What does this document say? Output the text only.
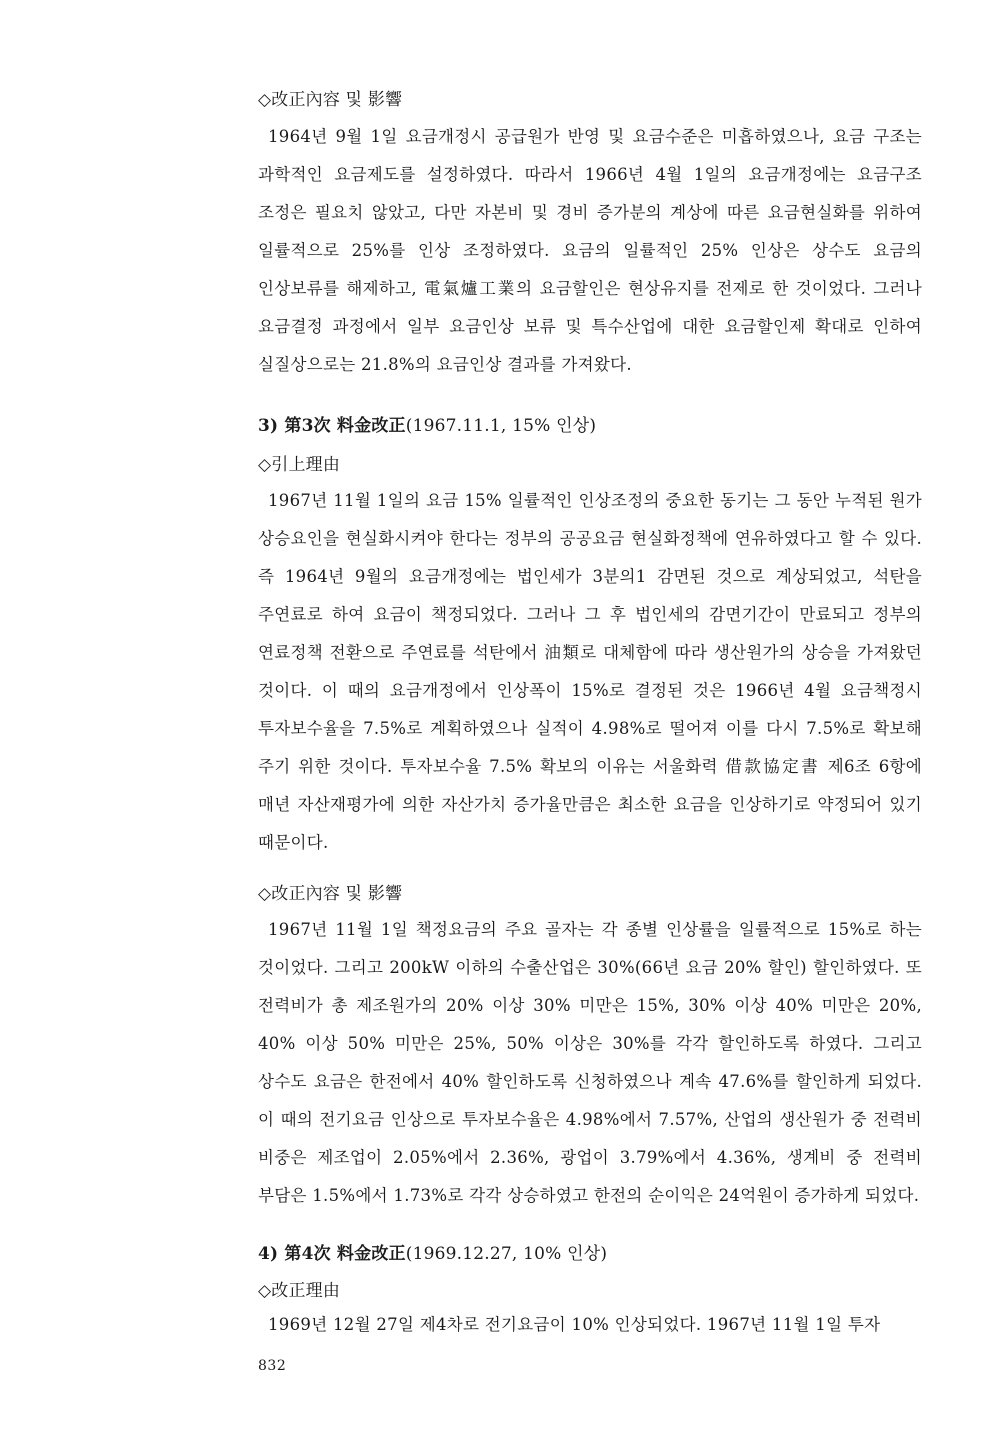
◇改正內容 및 影響
1964년 9월 1일 요금개정시 공급원가 반영 및 요금수준은 미흡하였으나, 요금 구조는 과학적인 요금제도를 설정하였다. 따라서 1966년 4월 1일의 요금개정에는 요금구조 조정은 필요치 않았고, 다만 자본비 및 경비 증가분의 계상에 따른 요금현실화를 위하여 일률적으로 25%를 인상 조정하였다. 요금의 일률적인 25% 인상은 상수도 요금의 인상보류를 해제하고, 電氣爐工業의 요금할인은 현상유지를 전제로 한 것이었다. 그러나 요금결정 과정에서 일부 요금인상 보류 및 특수산업에 대한 요금할인제 확대로 인하여 실질상으로는 21.8%의 요금인상 결과를 가져왔다.
3) 第3次 料金改正(1967.11.1, 15% 인상)
◇引上理由
1967년 11월 1일의 요금 15% 일률적인 인상조정의 중요한 동기는 그 동안 누적된 원가 상승요인을 현실화시켜야 한다는 정부의 공공요금 현실화정책에 연유하였다고 할 수 있다. 즉 1964년 9월의 요금개정에는 법인세가 3분의1 감면된 것으로 계상되었고, 석탄을 주연료로 하여 요금이 책정되었다. 그러나 그 후 법인세의 감면기간이 만료되고 정부의 연료정책 전환으로 주연료를 석탄에서 油類로 대체함에 따라 생산원가의 상승을 가져왔던 것이다. 이 때의 요금개정에서 인상폭이 15%로 결정된 것은 1966년 4월 요금책정시 투자보수율을 7.5%로 계획하였으나 실적이 4.98%로 떨어져 이를 다시 7.5%로 확보해 주기 위한 것이다. 투자보수율 7.5% 확보의 이유는 서울화력 借款協定書 제6조 6항에 매년 자산재평가에 의한 자산가치 증가율만큼은 최소한 요금을 인상하기로 약정되어 있기 때문이다.
◇改正內容 및 影響
1967년 11월 1일 책정요금의 주요 골자는 각 종별 인상률을 일률적으로 15%로 하는 것이었다. 그리고 200kW 이하의 수출산업은 30%(66년 요금 20% 할인) 할인하였다. 또 전력비가 총 제조원가의 20% 이상 30% 미만은 15%, 30% 이상 40% 미만은 20%, 40% 이상 50% 미만은 25%, 50% 이상은 30%를 각각 할인하도록 하였다. 그리고 상수도 요금은 한전에서 40% 할인하도록 신청하였으나 계속 47.6%를 할인하게 되었다. 이 때의 전기요금 인상으로 투자보수율은 4.98%에서 7.57%, 산업의 생산원가 중 전력비 비중은 제조업이 2.05%에서 2.36%, 광업이 3.79%에서 4.36%, 생계비 중 전력비 부담은 1.5%에서 1.73%로 각각 상승하였고 한전의 순이익은 24억원이 증가하게 되었다.
4) 第4次 料金改正(1969.12.27, 10% 인상)
◇改正理由
1969년 12월 27일 제4차로 전기요금이 10% 인상되었다. 1967년 11월 1일 투자
832
